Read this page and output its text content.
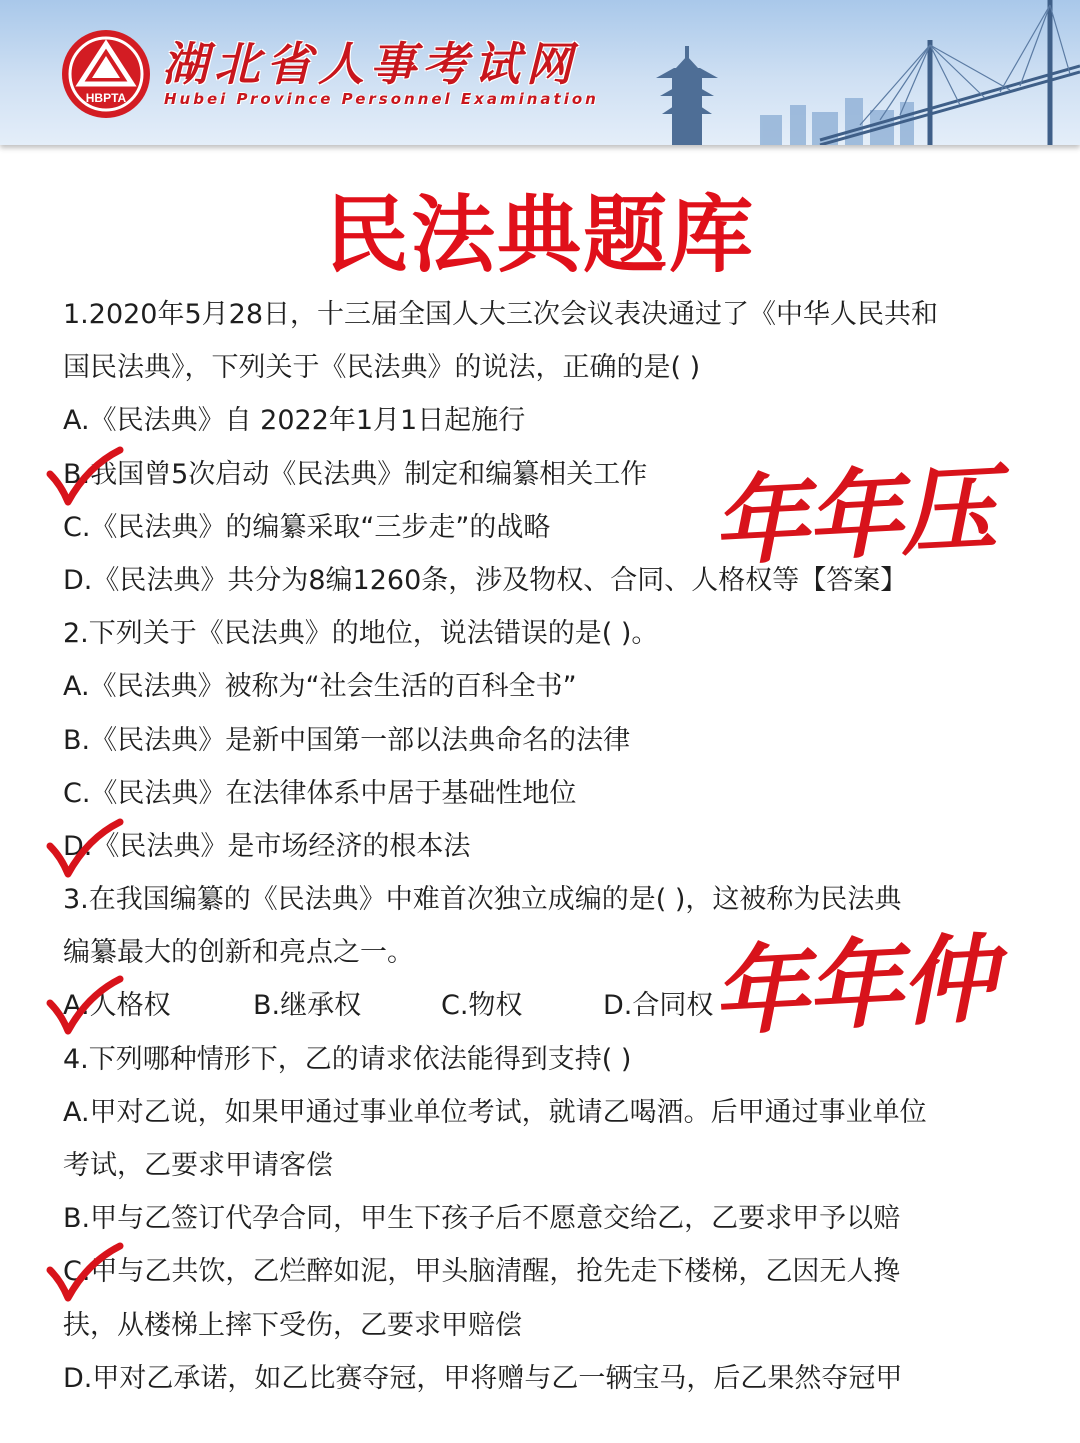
HBPTA
湖北省人事考试网
Hubei Province Personnel Examination
民法典题库
1.2020年5月28日，十三届全国人大三次会议表决通过了《中华人民共和
国民法典》，下列关于《民法典》的说法，正确的是( )
A.《民法典》自 2022年1月1日起施行
B.我国曾5次启动《民法典》制定和编纂相关工作
C.《民法典》的编纂采取“三步走”的战略
D.《民法典》共分为8编1260条，涉及物权、合同、人格权等【答案】
2.下列关于《民法典》的地位，说法错误的是( )。
A.《民法典》被称为“社会生活的百科全书”
B.《民法典》是新中国第一部以法典命名的法律
C.《民法典》在法律体系中居于基础性地位
D.《民法典》是市场经济的根本法
3.在我国编纂的《民法典》中难首次独立成编的是( )，这被称为民法典
编纂最大的创新和亮点之一。
A.人格权	B.继承权	C.物权	D.合同权
4.下列哪种情形下，乙的请求依法能得到支持( )
A.甲对乙说，如果甲通过事业单位考试，就请乙喝酒。后甲通过事业单位
考试，乙要求甲请客偿
B.甲与乙签订代孕合同，甲生下孩子后不愿意交给乙，乙要求甲予以赔
C.甲与乙共饮，乙烂醉如泥，甲头脑清醒，抢先走下楼梯，乙因无人搀
扶，从楼梯上摔下受伤，乙要求甲赔偿
D.甲对乙承诺，如乙比赛夺冠，甲将赠与乙一辆宝马，后乙果然夺冠甲
年年压
年年仲
